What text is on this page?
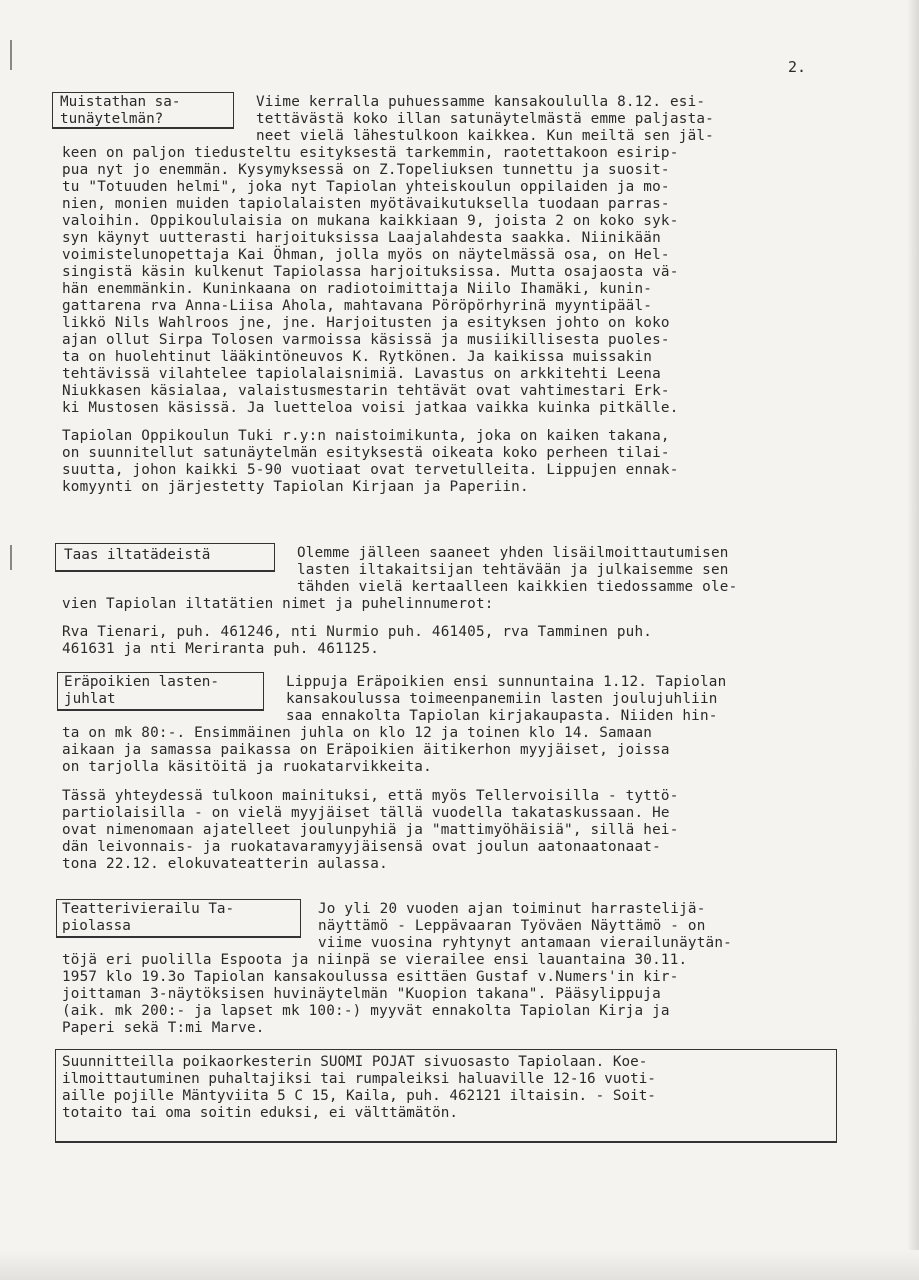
2.
Muistathan sa-
tunäytelmän?
Viime kerralla puhuessamme kansakoululla 8.12. esi-
tettävästä koko illan satunäytelmästä emme paljasta-
neet vielä lähestulkoon kaikkea. Kun meiltä sen jäl-
keen on paljon tiedusteltu esityksestä tarkemmin, raotettakoon esirip-
pua nyt jo enemmän. Kysymyksessä on Z.Topeliuksen tunnettu ja suosit-
tu "Totuuden helmi", joka nyt Tapiolan yhteiskoulun oppilaiden ja mo-
nien, monien muiden tapiolalaisten myötävaikutuksella tuodaan parras-
valoihin. Oppikoululaisia on mukana kaikkiaan 9, joista 2 on koko syk-
syn käynyt uutterasti harjoituksissa Laajalahdesta saakka. Niinikään
voimistelunopettaja Kai Öhman, jolla myös on näytelmässä osa, on Hel-
singistä käsin kulkenut Tapiolassa harjoituksissa. Mutta osajaosta vä-
hän enemmänkin. Kuninkaana on radiotoimittaja Niilo Ihamäki, kunin-
gattarena rva Anna-Liisa Ahola, mahtavana Pöröpörhyrinä myyntipääl-
likkö Nils Wahlroos jne, jne. Harjoitusten ja esityksen johto on koko
ajan ollut Sirpa Tolosen varmoissa käsissä ja musiikillisesta puoles-
ta on huolehtinut lääkintöneuvos K. Rytkönen. Ja kaikissa muissakin
tehtävissä vilahtelee tapiolalaisnimiä. Lavastus on arkkitehti Leena
Niukkasen käsialaa, valaistusmestarin tehtävät ovat vahtimestari Erk-
ki Mustosen käsissä. Ja luetteloa voisi jatkaa vaikka kuinka pitkälle.
Tapiolan Oppikoulun Tuki r.y:n naistoimikunta, joka on kaiken takana,
on suunnitellut satunäytelmän esityksestä oikeata koko perheen tilai-
suutta, johon kaikki 5-90 vuotiaat ovat tervetulleita. Lippujen ennak-
komyynti on järjestetty Tapiolan Kirjaan ja Paperiin.
Taas iltatädeistä	Olemme jälleen saaneet yhden lisäilmoittautumisen
lasten iltakaitsijan tehtävään ja julkaisemme sen
tähden vielä kertaalleen kaikkien tiedossamme ole-
vien Tapiolan iltatätien nimet ja puhelinnumerot:
Rva Tienari, puh. 461246, nti Nurmio puh. 461405, rva Tamminen puh.
461631 ja nti Meriranta puh. 461125.
Eräpoikien lasten-
juhlat
Lippuja Eräpoikien ensi sunnuntaina 1.12. Tapiolan
kansakoulussa toimeenpanemiin lasten joulujuhliin
saa ennakolta Tapiolan kirjakaupasta. Niiden hin-
ta on mk 80:-. Ensimmäinen juhla on klo 12 ja toinen klo 14. Samaan
aikaan ja samassa paikassa on Eräpoikien äitikerhon myyjäiset, joissa
on tarjolla käsitöitä ja ruokatarvikkeita.
Tässä yhteydessä tulkoon mainituksi, että myös Tellervoisilla - tyttö-
partiolaisilla - on vielä myyjäiset tällä vuodella takataskussaan. He
ovat nimenomaan ajatelleet joulunpyhiä ja "mattimyöhäisiä", sillä hei-
dän leivonnais- ja ruokatavaramyyjäisensä ovat joulun aatonaatonaat-
tona 22.12. elokuvateatterin aulassa.
Teatterivierailu Ta-
piolassa
Jo yli 20 vuoden ajan toiminut harrastelijä-
näyttämö - Leppävaaran Työväen Näyttämö - on
viime vuosina ryhtynyt antamaan vierailunäytän-
töjä eri puolilla Espoota ja niinpä se vierailee ensi lauantaina 30.11.
1957 klo 19.3o Tapiolan kansakoulussa esittäen Gustaf v.Numers'in kir-
joittaman 3-näytöksisen huvinäytelmän "Kuopion takana". Pääsylippuja
(aik. mk 200:- ja lapset mk 100:-) myyvät ennakolta Tapiolan Kirja ja
Paperi sekä T:mi Marve.
Suunnitteilla poikaorkesterin SUOMI POJAT sivuosasto Tapiolaan. Koe-
ilmoittautuminen puhaltajiksi tai rumpaleiksi haluaville 12-16 vuoti-
aille pojille Mäntyviita 5 C 15, Kaila, puh. 462121 iltaisin. - Soit-
totaito tai oma soitin eduksi, ei välttämätön.
